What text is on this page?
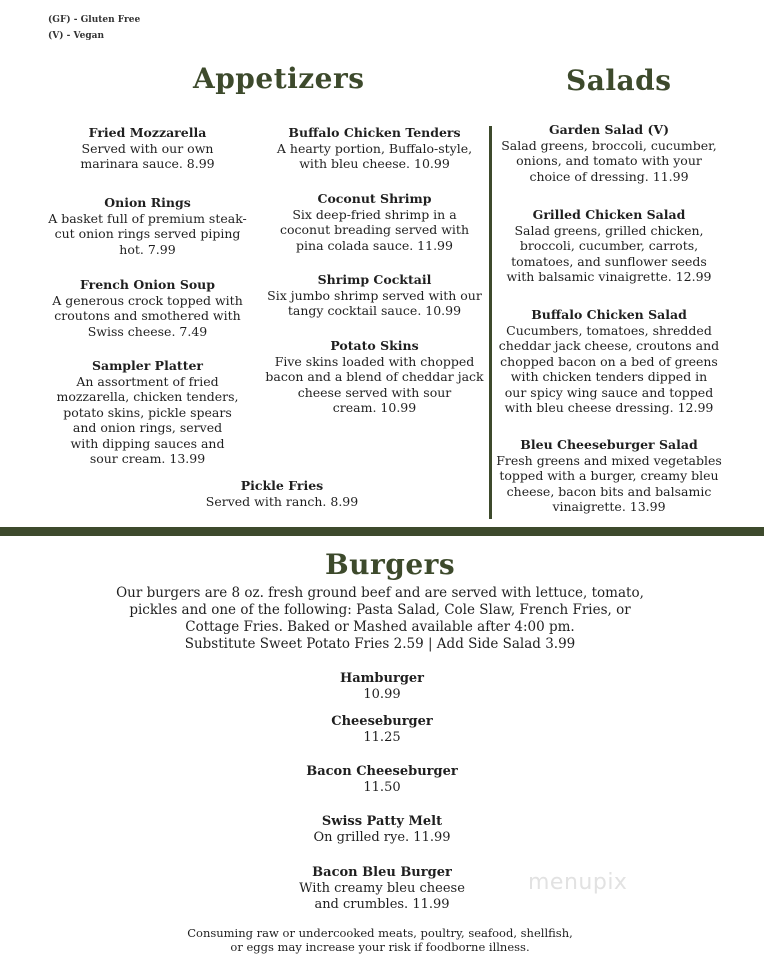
(GF) - Gluten Free
(V) - Vegan
Appetizers	Salads
Fried Mozzarella
Served with our own
marinara sauce. 8.99
Onion Rings
A basket full of premium steak-
cut onion rings served piping
hot. 7.99
French Onion Soup
A generous crock topped with
croutons and smothered with
Swiss cheese. 7.49
Sampler Platter
An assortment of fried
mozzarella, chicken tenders,
potato skins, pickle spears
and onion rings, served
with dipping sauces and
sour cream. 13.99
Buffalo Chicken Tenders
A hearty portion, Buffalo-style,
with bleu cheese. 10.99
Coconut Shrimp
Six deep-fried shrimp in a
coconut breading served with
pina colada sauce. 11.99
Shrimp Cocktail
Six jumbo shrimp served with our
tangy cocktail sauce. 10.99
Potato Skins
Five skins loaded with chopped
bacon and a blend of cheddar jack
cheese served with sour
cream. 10.99
Pickle Fries
Served with ranch. 8.99
Garden Salad (V)
Salad greens, broccoli, cucumber,
onions, and tomato with your
choice of dressing. 11.99
Grilled Chicken Salad
Salad greens, grilled chicken,
broccoli, cucumber, carrots,
tomatoes, and sunflower seeds
with balsamic vinaigrette. 12.99
Buffalo Chicken Salad
Cucumbers, tomatoes, shredded
cheddar jack cheese, croutons and
chopped bacon on a bed of greens
with chicken tenders dipped in
our spicy wing sauce and topped
with bleu cheese dressing. 12.99
Bleu Cheeseburger Salad
Fresh greens and mixed vegetables
topped with a burger, creamy bleu
cheese, bacon bits and balsamic
vinaigrette. 13.99
Burgers
Our burgers are 8 oz. fresh ground beef and are served with lettuce, tomato,
pickles and one of the following: Pasta Salad, Cole Slaw, French Fries, or
Cottage Fries. Baked or Mashed available after 4:00 pm.
Substitute Sweet Potato Fries 2.59 | Add Side Salad 3.99
Hamburger
10.99
Cheeseburger
11.25
Bacon Cheeseburger
11.50
Swiss Patty Melt
On grilled rye. 11.99
Bacon Bleu Burger
With creamy bleu cheese
and crumbles. 11.99
menupix
Consuming raw or undercooked meats, poultry, seafood, shellfish,
or eggs may increase your risk if foodborne illness.
